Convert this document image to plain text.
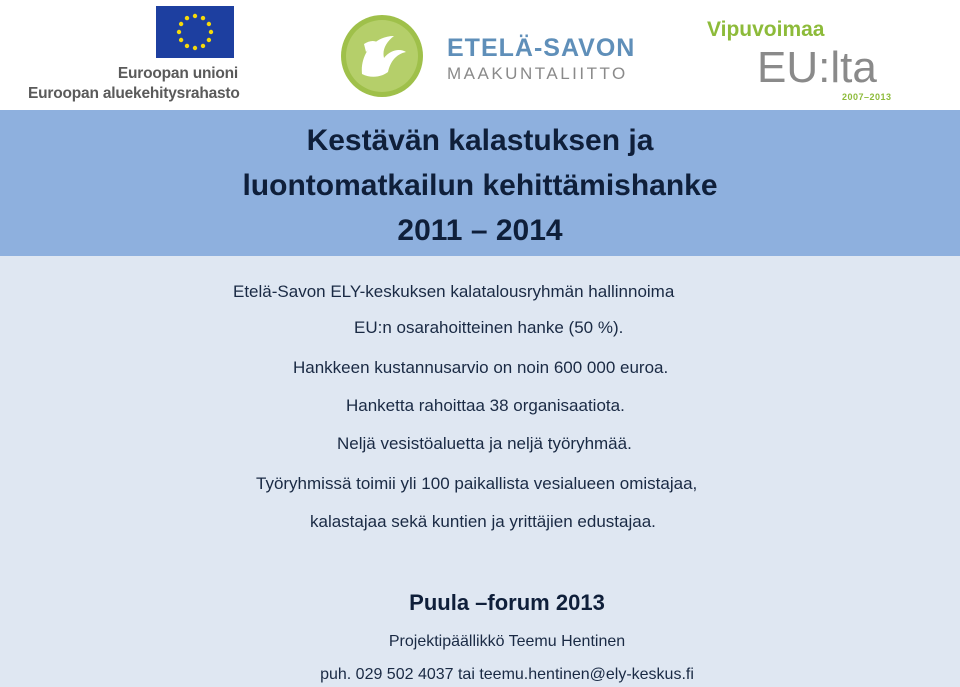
Euroopan unioni
Euroopan aluekehitysrahasto
ETELÄ-SAVON
MAAKUNTALIITTO
Vipuvoimaa
EU:lta
2007–2013
Kestävän kalastuksen ja
luontomatkailun kehittämishanke
2011 – 2014
Etelä-Savon ELY-keskuksen kalatalousryhmän hallinnoima
EU:n osarahoitteinen hanke (50 %).
Hankkeen kustannusarvio on noin 600 000 euroa.
Hanketta rahoittaa 38 organisaatiota.
Neljä vesistöaluetta ja neljä työryhmää.
Työryhmissä toimii yli 100 paikallista vesialueen omistajaa,
kalastajaa sekä kuntien ja yrittäjien edustajaa.
Puula –forum 2013
Projektipäällikkö Teemu Hentinen
puh. 029 502 4037 tai teemu.hentinen@ely-keskus.fi
